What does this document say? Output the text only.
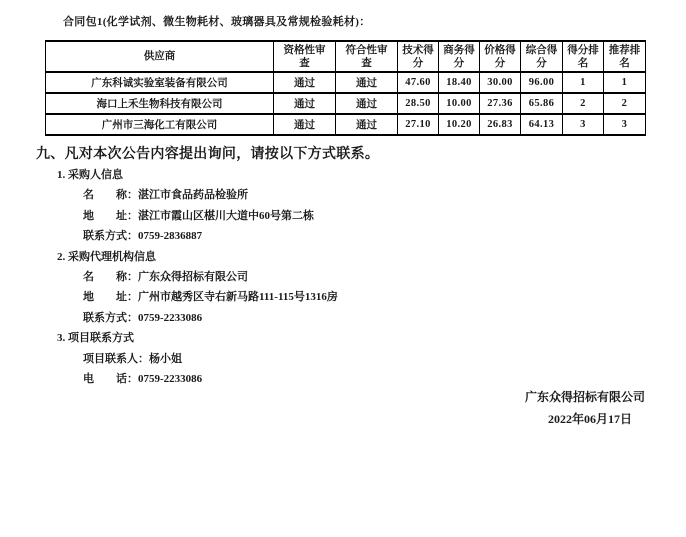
合同包1(化学试剂、微生物耗材、玻璃器具及常规检验耗材)：
供应商	资格性审查	符合性审查	技术得分	商务得分	价格得分	综合得分	得分排名	推荐排名
广东科诚实验室装备有限公司	通过	通过	47.60	18.40	30.00	96.00	1	1
海口上禾生物科技有限公司	通过	通过	28.50	10.00	27.36	65.86	2	2
广州市三海化工有限公司	通过	通过	27.10	10.20	26.83	64.13	3	3
九、凡对本次公告内容提出询问，请按以下方式联系。
1. 采购人信息
名　　称：湛江市食品药品检验所
地　　址：湛江市霞山区椹川大道中60号第二栋
联系方式：0759-2836887
2. 采购代理机构信息
名　　称：广东众得招标有限公司
地　　址：广州市越秀区寺右新马路111-115号1316房
联系方式：0759-2233086
3. 项目联系方式
项目联系人：杨小姐
电　　话：0759-2233086
广东众得招标有限公司
2022年06月17日
